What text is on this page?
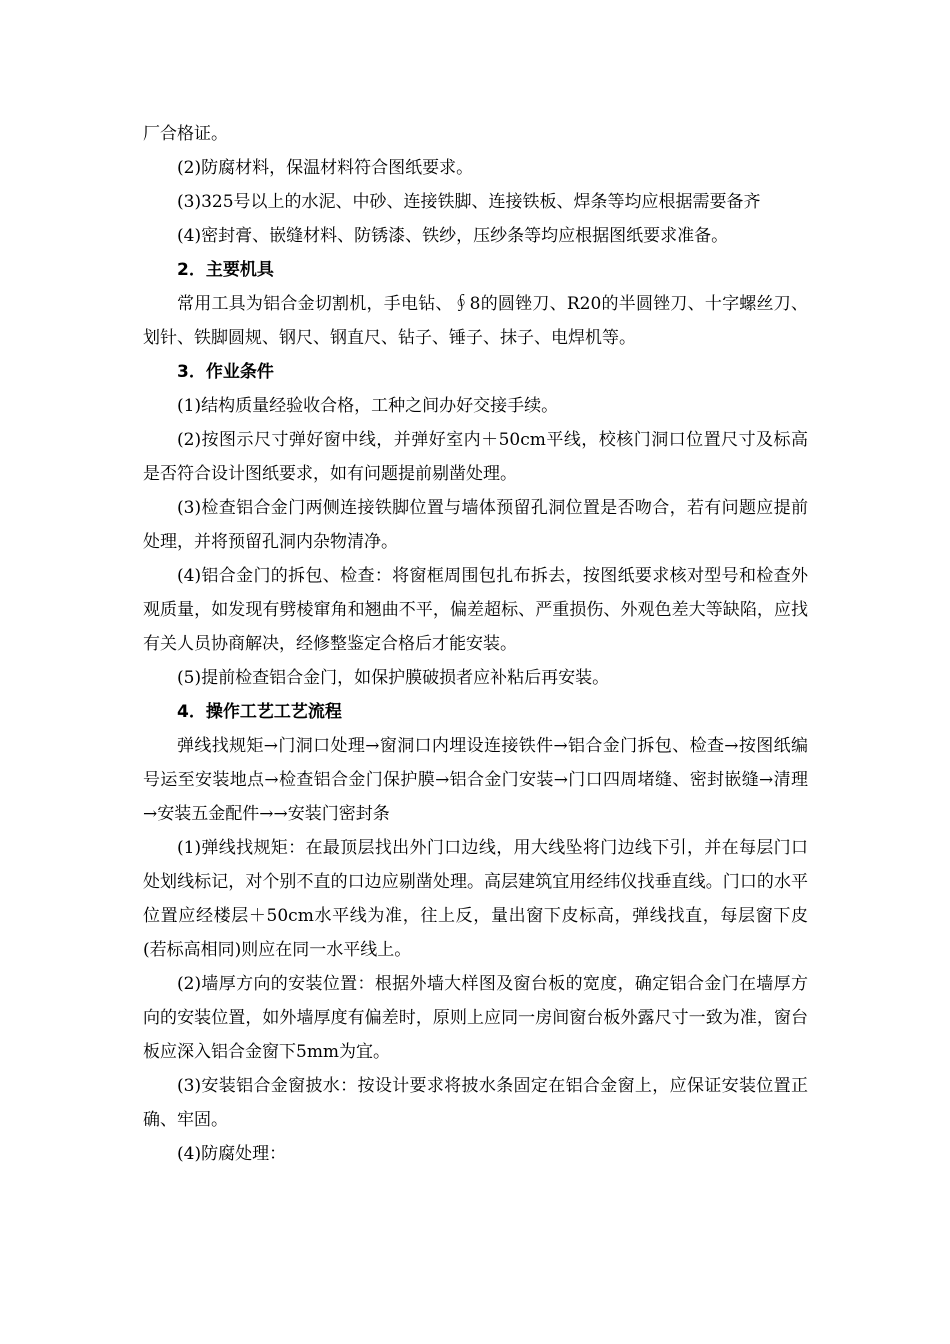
厂合格证。

(2)防腐材料，保温材料符合图纸要求。

(3)325号以上的水泥、中砂、连接铁脚、连接铁板、焊条等均应根据需要备齐

(4)密封膏、嵌缝材料、防锈漆、铁纱，压纱条等均应根据图纸要求准备。

2．主要机具

常用工具为铝合金切割机，手电钻、∮8的圆锉刀、R20的半圆锉刀、十字螺丝刀、划针、铁脚圆规、钢尺、钢直尺、钻子、锤子、抹子、电焊机等。

3．作业条件

(1)结构质量经验收合格，工种之间办好交接手续。

(2)按图示尺寸弹好窗中线，并弹好室内＋50cm平线，校核门洞口位置尺寸及标高是否符合设计图纸要求，如有问题提前剔凿处理。

(3)检查铝合金门两侧连接铁脚位置与墙体预留孔洞位置是否吻合，若有问题应提前处理，并将预留孔洞内杂物清净。

(4)铝合金门的拆包、检查：将窗框周围包扎布拆去，按图纸要求核对型号和检查外观质量，如发现有劈棱窜角和翘曲不平，偏差超标、严重损伤、外观色差大等缺陷，应找有关人员协商解决，经修整鉴定合格后才能安装。

(5)提前检查铝合金门，如保护膜破损者应补粘后再安装。

4．操作工艺工艺流程

弹线找规矩→门洞口处理→窗洞口内埋设连接铁件→铝合金门拆包、检查→按图纸编号运至安装地点→检查铝合金门保护膜→铝合金门安装→门口四周堵缝、密封嵌缝→清理→安装五金配件→→安装门密封条

(1)弹线找规矩：在最顶层找出外门口边线，用大线坠将门边线下引，并在每层门口处划线标记，对个别不直的口边应剔凿处理。高层建筑宜用经纬仪找垂直线。门口的水平位置应经楼层＋50cm水平线为准，往上反，量出窗下皮标高，弹线找直，每层窗下皮(若标高相同)则应在同一水平线上。

(2)墙厚方向的安装位置：根据外墙大样图及窗台板的宽度，确定铝合金门在墙厚方向的安装位置，如外墙厚度有偏差时，原则上应同一房间窗台板外露尺寸一致为准，窗台板应深入铝合金窗下5mm为宜。

(3)安装铝合金窗披水：按设计要求将披水条固定在铝合金窗上，应保证安装位置正确、牢固。

(4)防腐处理：
